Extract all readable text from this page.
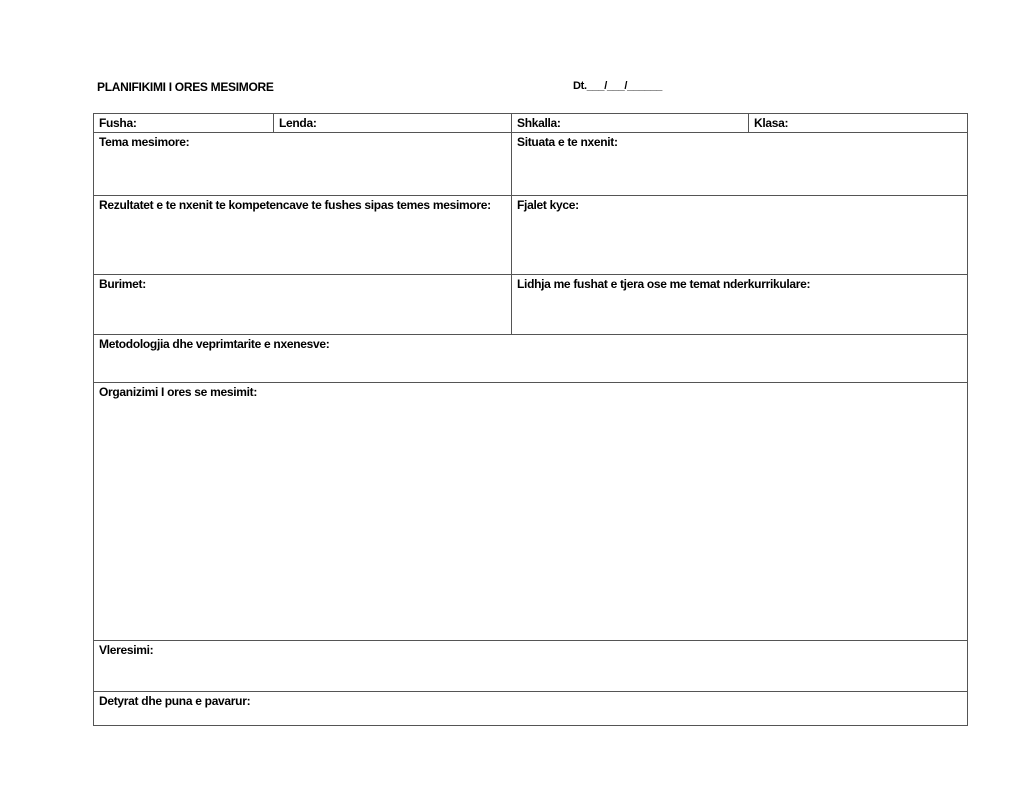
PLANIFIKIMI I ORES MESIMORE	Dt.___/___/______
Fusha:	Lenda:	Shkalla:	Klasa:
Tema mesimore:		Situata e te nxenit:	
Rezultatet e te nxenit te kompetencave te fushes sipas temes mesimore:		Fjalet kyce:	
Burimet:		Lidhja me fushat e tjera ose me temat nderkurrikulare:	
Metodologjia dhe veprimtarite e nxenesve:			
Organizimi I ores se mesimit:			
Vleresimi:			
Detyrat dhe puna e pavarur:			
